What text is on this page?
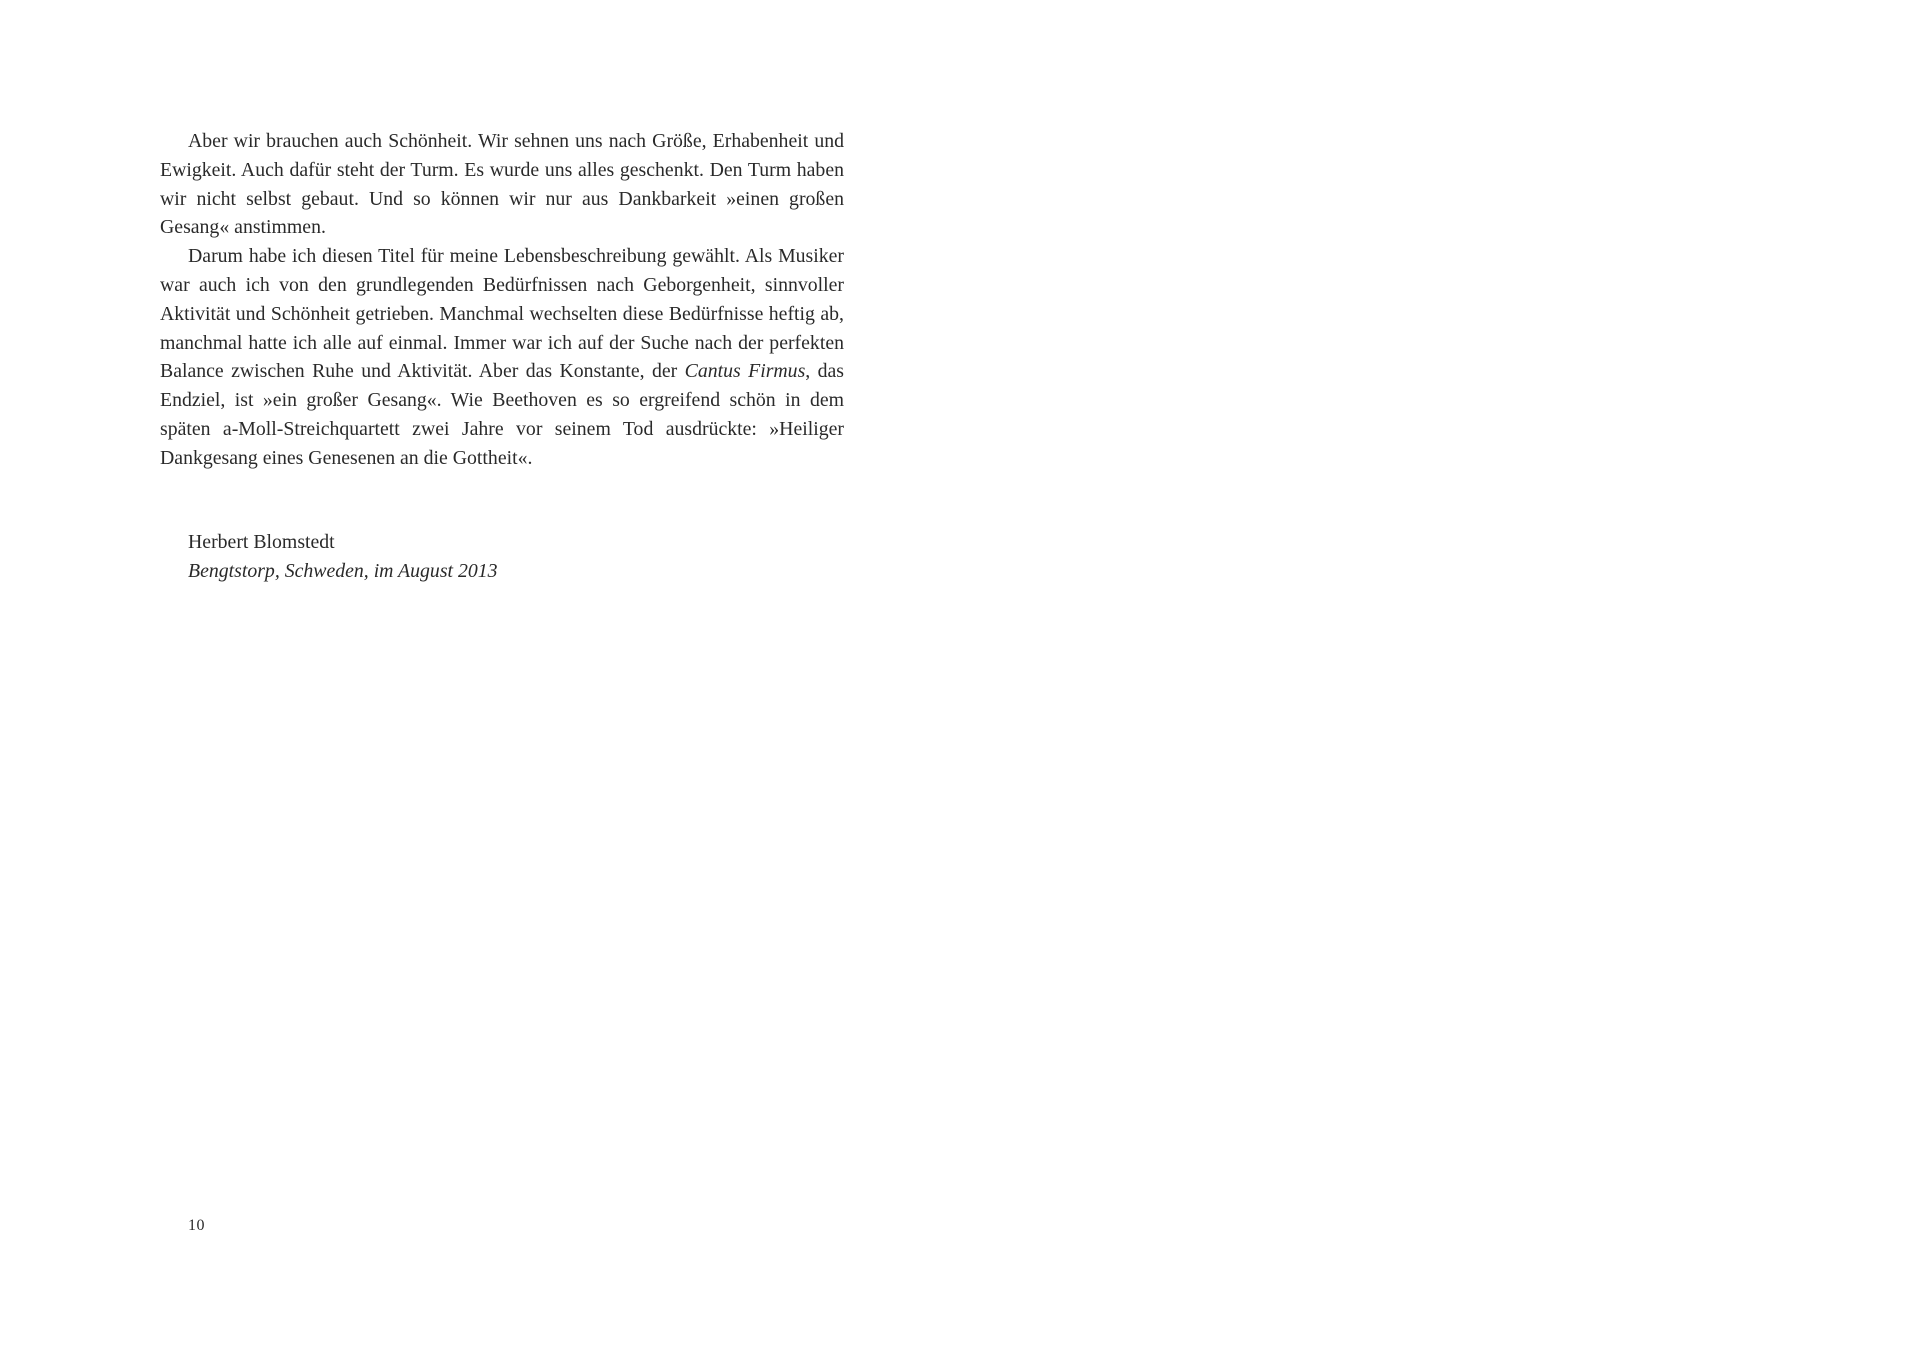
Aber wir brauchen auch Schönheit. Wir sehnen uns nach Größe, Erhabenheit und Ewigkeit. Auch dafür steht der Turm. Es wurde uns alles geschenkt. Den Turm haben wir nicht selbst gebaut. Und so können wir nur aus Dankbarkeit »einen großen Gesang« anstimmen.

Darum habe ich diesen Titel für meine Lebensbeschreibung gewählt. Als Musiker war auch ich von den grundlegenden Bedürfnissen nach Geborgenheit, sinnvoller Aktivität und Schönheit getrieben. Manchmal wechselten diese Bedürfnisse heftig ab, manchmal hatte ich alle auf einmal. Immer war ich auf der Suche nach der perfekten Balance zwischen Ruhe und Aktivität. Aber das Konstante, der Cantus Firmus, das Endziel, ist »ein großer Gesang«. Wie Beethoven es so ergreifend schön in dem späten a-Moll-Streichquartett zwei Jahre vor seinem Tod ausdrückte: »Heiliger Dankgesang eines Genesenen an die Gottheit«.

Herbert Blomstedt
Bengtstorp, Schweden, im August 2013
10
